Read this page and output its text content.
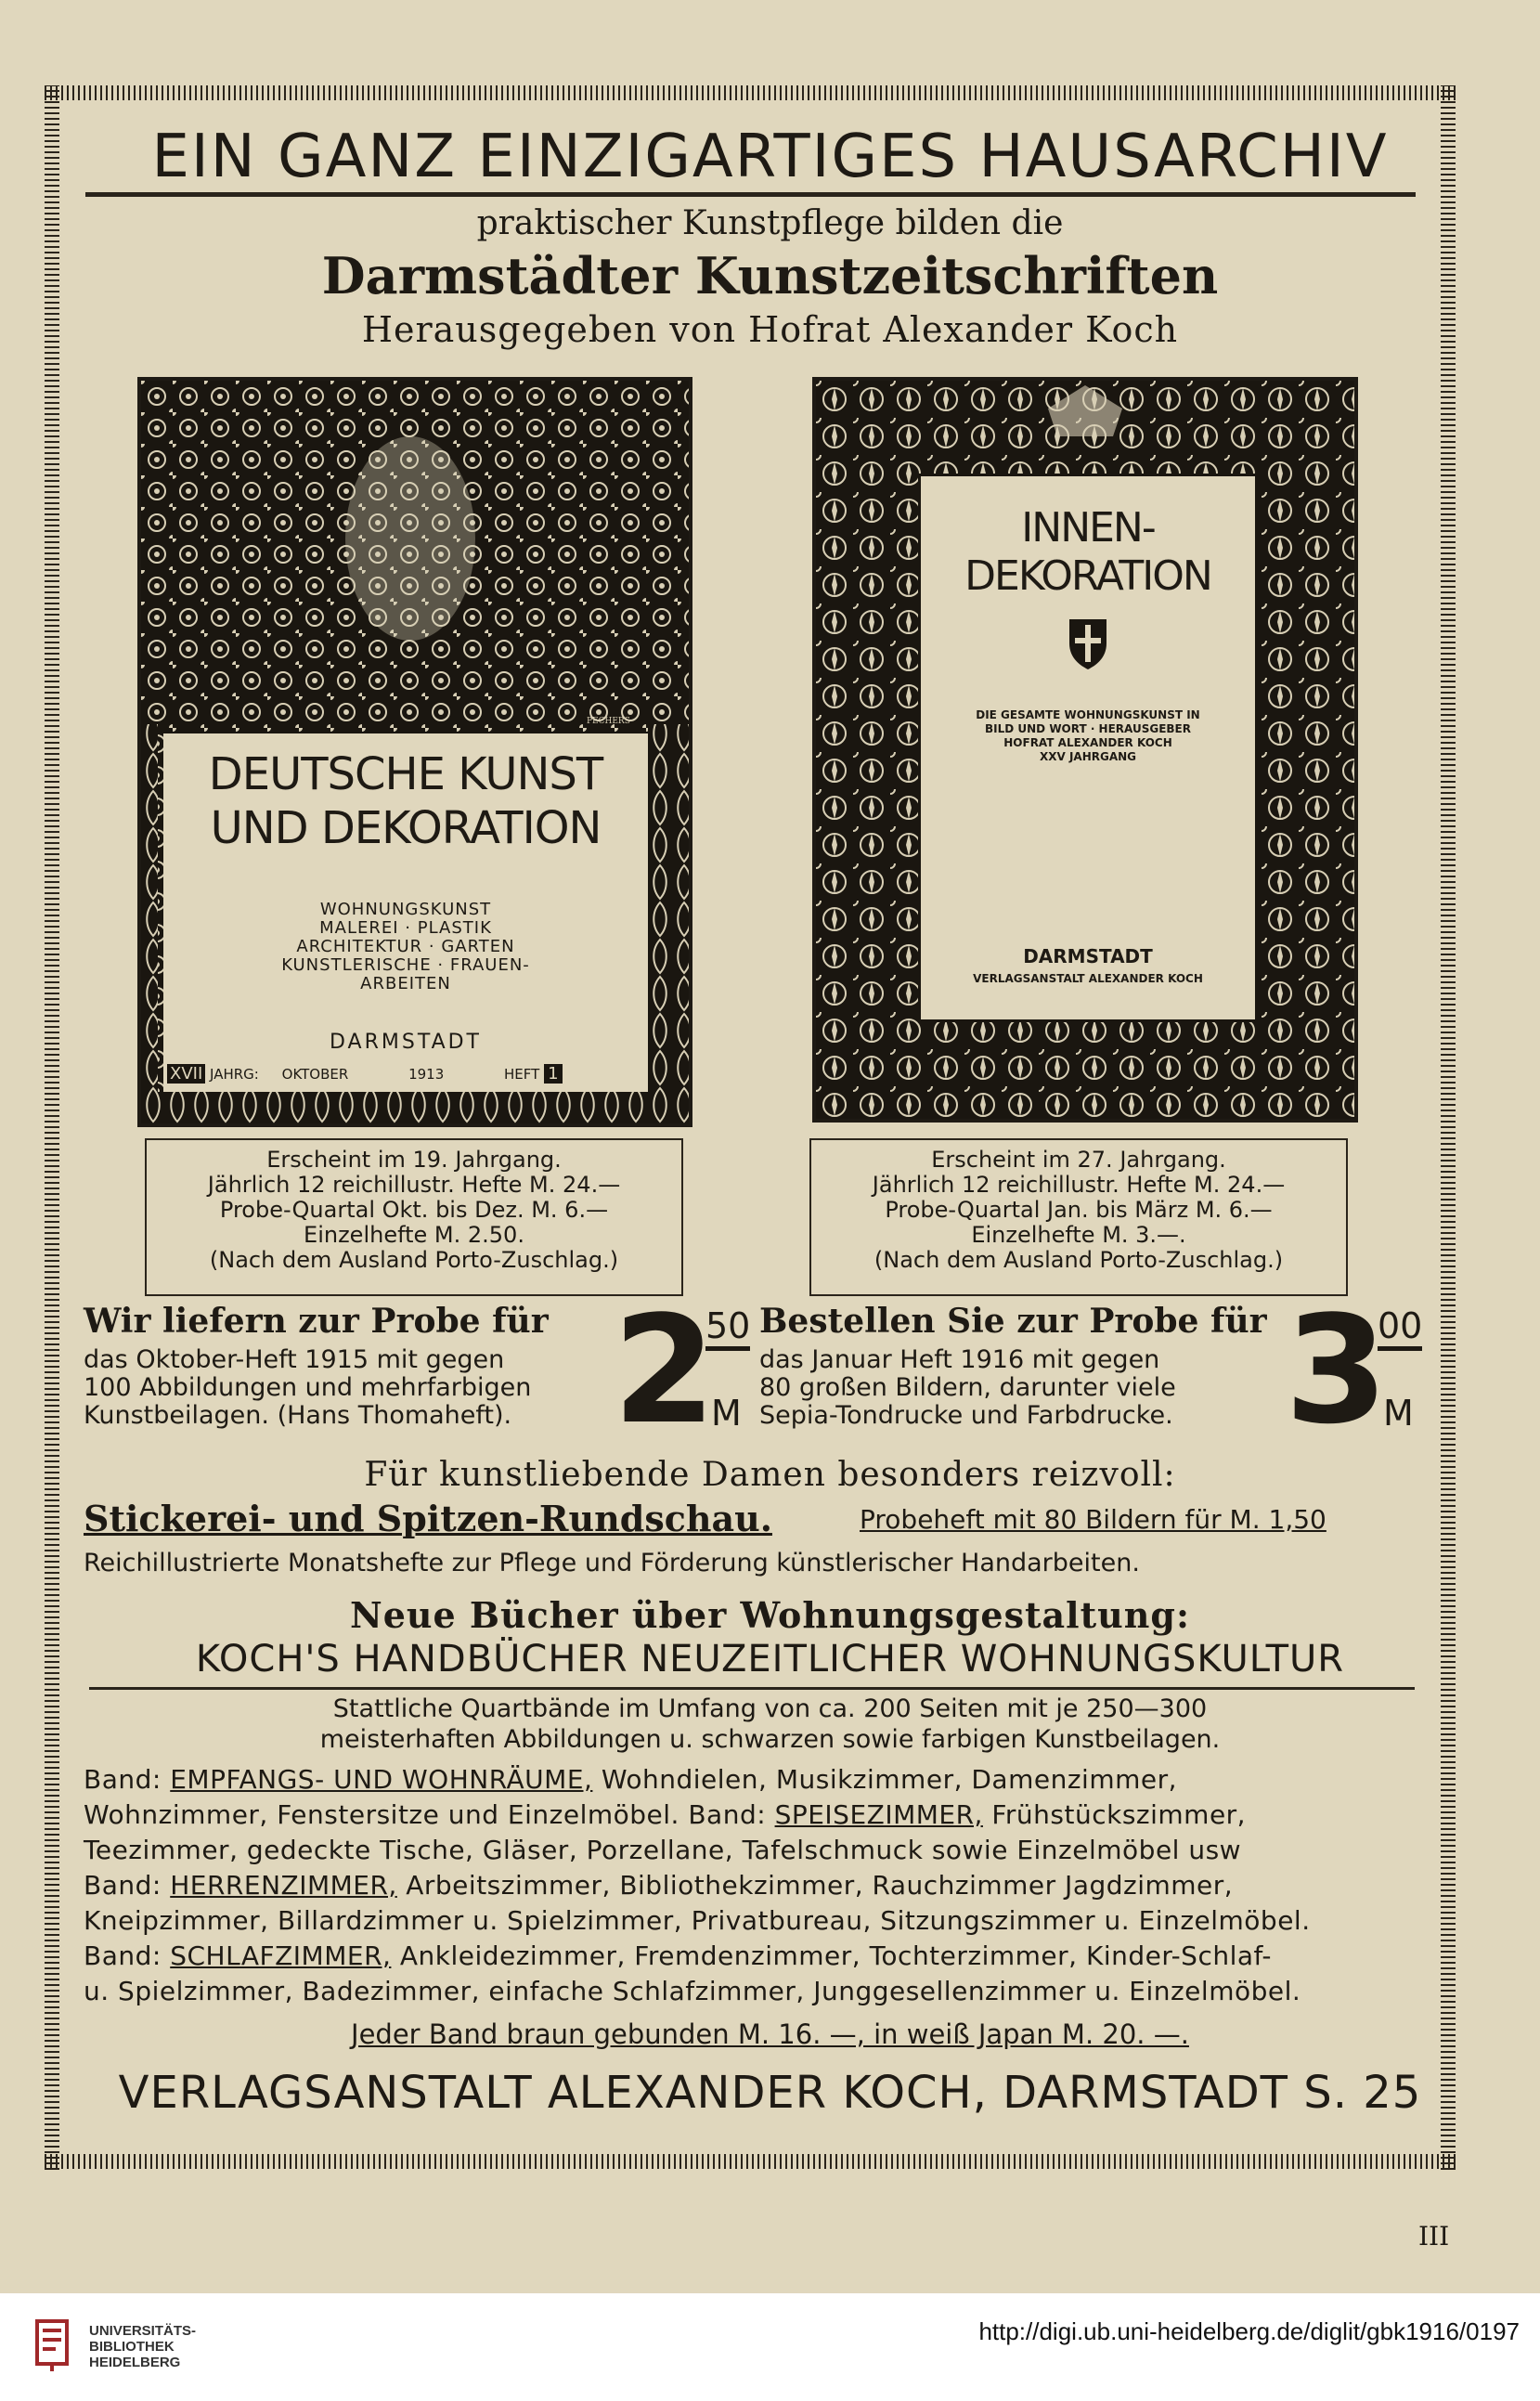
EIN GANZ EINZIGARTIGES HAUSARCHIV
praktischer Kunstpflege bilden die
Darmstädter Kunstzeitschriften
Herausgegeben von Hofrat Alexander Koch
DEUTSCHE KUNST
UND DEKORATION
WOHNUNGSKUNST
MALEREI · PLASTIK
ARCHITEKTUR · GARTEN
KUNSTLERISCHE · FRAUEN-
ARBEITEN
DARMSTADT
XVII JAHRG: OKTOBER	1913	HEFT 1
PECHERS
INNEN-
DEKORATION
DIE GESAMTE WOHNUNGSKUNST IN
BILD UND WORT · HERAUSGEBER
HOFRAT ALEXANDER KOCH
XXV JAHRGANG
DARMSTADT
VERLAGSANSTALT ALEXANDER KOCH
Erscheint im 19. Jahrgang.
Jährlich 12 reichillustr. Hefte M. 24.—
Probe-Quartal Okt. bis Dez. M. 6.—
Einzelhefte M. 2.50.
(Nach dem Ausland Porto-Zuschlag.)
Erscheint im 27. Jahrgang.
Jährlich 12 reichillustr. Hefte M. 24.—
Probe-Quartal Jan. bis März M. 6.—
Einzelhefte M. 3.—.
(Nach dem Ausland Porto-Zuschlag.)
Wir liefern zur Probe für
das Oktober-Heft 1915 mit gegen
100 Abbildungen und mehrfarbigen
Kunstbeilagen. (Hans Thomaheft). 2
50
M
Bestellen Sie zur Probe für
das Januar Heft 1916 mit gegen
80 großen Bildern, darunter viele
Sepia-Tondrucke und Farbdrucke. 3
00
M
Für kunstliebende Damen besonders reizvoll:
Stickerei- und Spitzen-Rundschau.	Probeheft mit 80 Bildern für M. 1,50
Reichillustrierte Monatshefte zur Pflege und Förderung künstlerischer Handarbeiten.
Neue Bücher über Wohnungsgestaltung:
KOCH'S HANDBÜCHER NEUZEITLICHER WOHNUNGSKULTUR
Stattliche Quartbände im Umfang von ca. 200 Seiten mit je 250—300
meisterhaften Abbildungen u. schwarzen sowie farbigen Kunstbeilagen.
Band: EMPFANGS- UND WOHNRÄUME, Wohndielen, Musikzimmer, Damenzimmer,
Wohnzimmer, Fenstersitze und Einzelmöbel. Band: SPEISEZIMMER, Frühstückszimmer,
Teezimmer, gedeckte Tische, Gläser, Porzellane, Tafelschmuck sowie Einzelmöbel usw
Band: HERRENZIMMER, Arbeitszimmer, Bibliothekzimmer, Rauchzimmer Jagdzimmer,
Kneipzimmer, Billardzimmer u. Spielzimmer, Privatbureau, Sitzungszimmer u. Einzelmöbel.
Band: SCHLAFZIMMER, Ankleidezimmer, Fremdenzimmer, Tochterzimmer, Kinder-Schlaf-
u. Spielzimmer, Badezimmer, einfache Schlafzimmer, Junggesellenzimmer u. Einzelmöbel.
Jeder Band braun gebunden M. 16. —, in weiß Japan M. 20. —.
VERLAGSANSTALT ALEXANDER KOCH, DARMSTADT S. 25
III
UNIVERSITÄTS-
BIBLIOTHEK
HEIDELBERG
http://digi.ub.uni-heidelberg.de/diglit/gbk1916/0197
